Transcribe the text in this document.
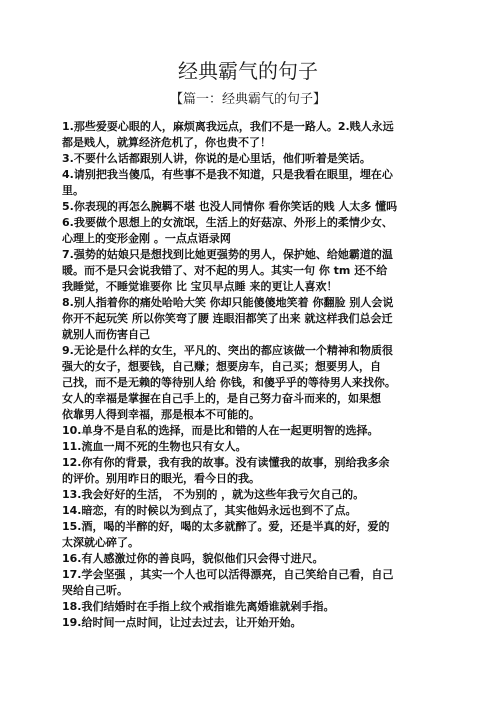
经典霸气的句子
【篇一：经典霸气的句子】
1.那些爱耍心眼的人，麻烦离我远点，我们不是一路人。2.贱人永远
都是贱人，就算经济危机了，你也贵不了！
3.不要什么话都跟别人讲，你说的是心里话，他们听着是笑话。
4.请别把我当傻瓜，有些事不是我不知道，只是我看在眼里，埋在心
里。
5.你表现的再怎么腕羁不堪 也没人同情你 看你笑话的贱 人太多 懂吗
6.我要做个思想上的女流氓，生活上的好菇凉、外形上的柔情少女、
心理上的变形金刚 。一点点语录网
7.强势的姑娘只是想找到比她更强势的男人，保护她、给她霸道的温
暖。而不是只会说我错了、对不起的男人。其实一句 你 tm 还不给
我睡觉，不睡觉谁要你 比 宝贝早点睡 来的更让人喜欢！
8.别人指着你的痛处哈哈大笑 你却只能傻傻地笑着 你翻脸 别人会说
你开不起玩笑 所以你笑弯了腰 连眼泪都笑了出来 就这样我们总会迁
就别人而伤害自己
9.无论是什么样的女生，平凡的、突出的都应该做一个精神和物质很
强大的女子，想要钱，自己赚；想要房车，自己买；想要男人，自
己找，而不是无赖的等待别人给 你钱，和傻乎乎的等待男人来找你。
女人的幸福是掌握在自己手上的，是自己努力奋斗而来的，如果想
依靠男人得到幸福，那是根本不可能的。
10.单身不是自私的选择，而是比和错的人在一起更明智的选择。
11.流血一周不死的生物也只有女人。
12.你有你的背景，我有我的故事。没有读懂我的故事，别给我多余
的评价。别用昨日的眼光，看今日的我。
13.我会好好的生活， 不为别的 ，就为这些年我亏欠自己的。
14.暗恋，有的时候以为到点了，其实他妈永远也到不了点。
15.酒，喝的半醉的好，喝的太多就醉了。爱，还是半真的好，爱的
太深就心碎了。
16.有人感激过你的善良吗，貌似他们只会得寸进尺。
17.学会坚强 ，其实一个人也可以活得漂亮，自己笑给自己看，自己
哭给自己听。
18.我们结婚时在手指上纹个戒指谁先离婚谁就剁手指。
19.给时间一点时间，让过去过去，让开始开始。
